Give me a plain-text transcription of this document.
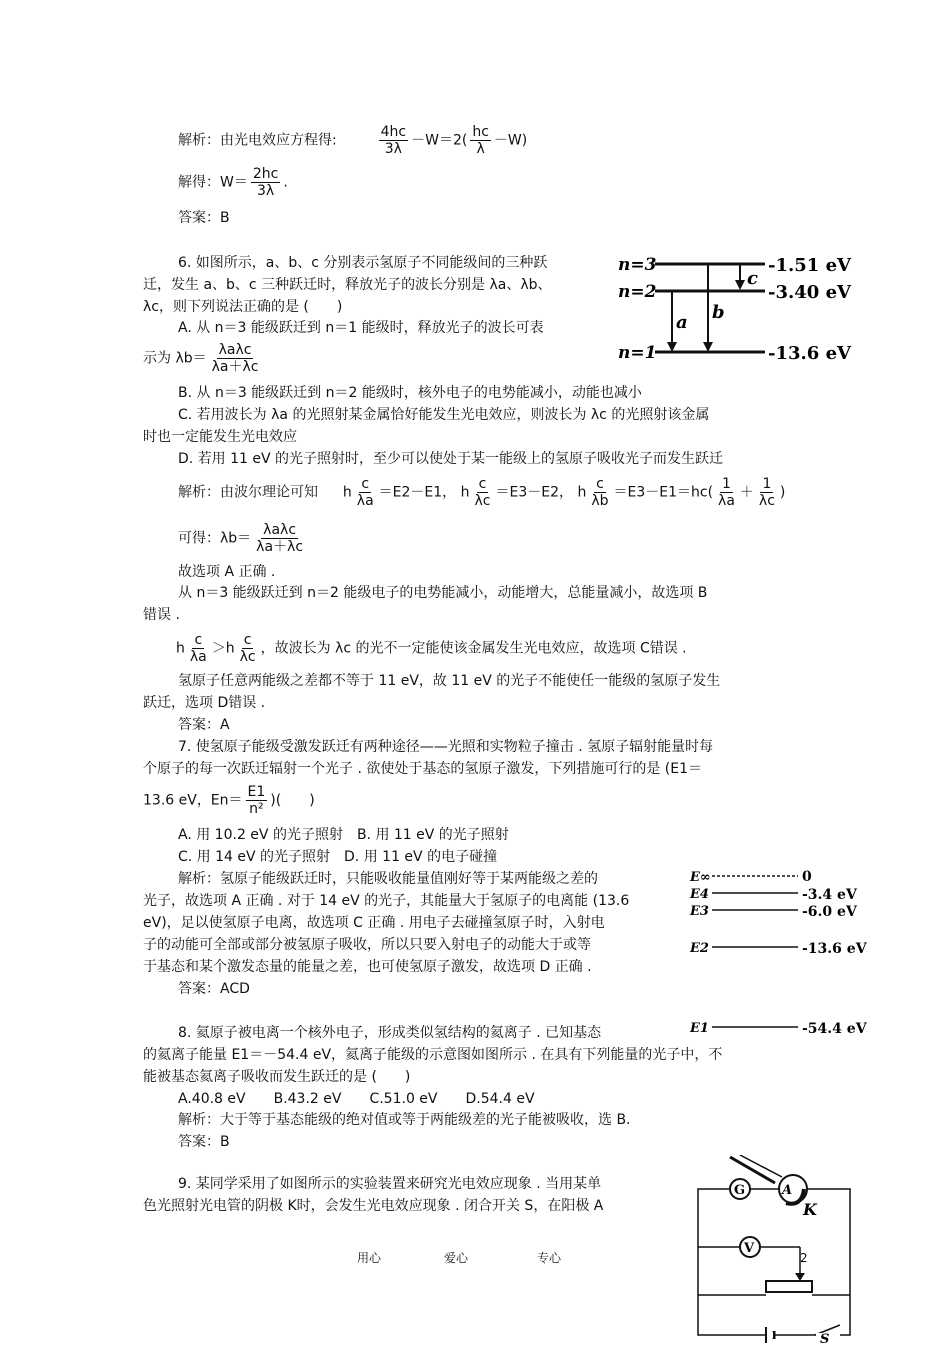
解析：由光电效应方程得:	$\frac{4hc}{3\lambda} -W=2( \frac{hc}{\lambda} -W)$
解得：$W= \frac{2hc}{3\lambda}$ .
答案：B
6. 如图所示，a、b、c 分别表示氢原子不同能级间的三种跃
迁，发生 a、b、c 三种跃迁时，释放光子的波长分别是 λa、λb、
λc，则下列说法正确的是 (　　)
A. 从 n＝3 能级跃迁到 n＝1 能级时，释放光子的波长可表
示为 $\lambda b= \frac{\text{λaλc}}{\lambda a+\lambda c}$
B. 从 n＝3 能级跃迁到 n＝2 能级时，核外电子的电势能减小，动能也减小
C. 若用波长为 λa 的光照射某金属恰好能发生光电效应，则波长为 λc 的光照射该金属
时也一定能发生光电效应
D. 若用 11 eV 的光子照射时，至少可以使处于某一能级上的氢原子吸收光子而发生跃迁
解析：由波尔理论可知 h $\frac{c}{\lambda a} =E2-E1$， h $\frac{c}{\lambda c} =E3-E2$， h $\frac{c}{\lambda b} =E3-E1=hc( \frac{1}{\lambda a} + \frac{1}{\lambda c}$ )
可得：$\lambda b= \frac{\text{λaλc}}{\lambda a+\lambda c}$
故选项 A 正确 .
从 n＝3 能级跃迁到 n＝2 能级电子的电势能减小，动能增大，总能量减小，故选项 B
错误 .
h $\frac{c}{\lambda a} >h \frac{c}{\lambda c}$ ，故波长为 λc 的光不一定能使该金属发生光电效应，故选项 C错误 .
氢原子任意两能级之差都不等于 11 eV，故 11 eV 的光子不能使任一能级的氢原子发生
跃迁，选项 D错误 .
答案：A
n=3
n=2
n=1
-1.51 eV
-3.40 eV
-13.6 eV
a b
c
7. 使氢原子能级受激发跃迁有两种途径——光照和实物粒子撞击 . 氢原子辐射能量时每
个原子的每一次跃迁辐射一个光子 . 欲使处于基态的氢原子激发，下列措施可行的是 (E1＝
13.6 eV，$En= \frac{E1}{\text{n²}}$ )(　　)
A. 用 10.2 eV 的光子照射　B. 用 11 eV 的光子照射
C. 用 14 eV 的光子照射　D. 用 11 eV 的电子碰撞
解析：氢原子能级跃迁时，只能吸收能量值刚好等于某两能级之差的
光子，故选项 A 正确 . 对于 14 eV 的光子，其能量大于氢原子的电离能 (13.6
eV)，足以使氢原子电离，故选项 C 正确 . 用电子去碰撞氢原子时，入射电
子的动能可全部或部分被氢原子吸收，所以只要入射电子的动能大于或等
于基态和某个激发态量的能量之差，也可使氢原子激发，故选项 D 正确 .
答案：ACD
E∞
E4
E3
E2
E1
0
-3.4 eV
-6.0 eV
-13.6 eV
-54.4 eV
8. 氦原子被电离一个核外电子，形成类似氢结构的氦离子 . 已知基态
的氦离子能量 E1＝－54.4 eV，氦离子能级的示意图如图所示 . 在具有下列能量的光子中，不
能被基态氦离子吸收而发生跃迁的是 (　　)
A.40.8 eV　　B.43.2 eV　　C.51.0 eV　　D.54.4 eV
解析：大于等于基态能级的绝对值或等于两能级差的光子能被吸收，选 B.
答案：B
9. 某同学采用了如图所示的实验装置来研究光电效应现象 . 当用某单
色光照射光电管的阴极 K时，会发生光电效应现象 . 闭合开关 S，在阳极 A
A
K
G
V
S
用心	爱心	专心	2
